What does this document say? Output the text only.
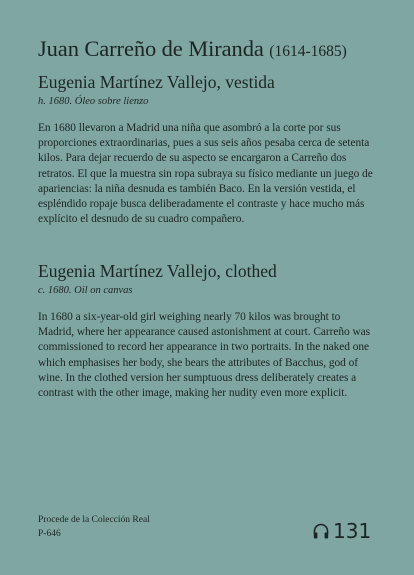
Juan Carreño de Miranda (1614-1685)
Eugenia Martínez Vallejo, vestida
h. 1680. Óleo sobre lienzo
En 1680 llevaron a Madrid una niña que asombró a la corte por sus proporciones extraordinarias, pues a sus seis años pesaba cerca de setenta kilos. Para dejar recuerdo de su aspecto se encargaron a Carreño dos retratos. El que la muestra sin ropa subraya su físico mediante un juego de apariencias: la niña desnuda es también Baco. En la versión vestida, el espléndido ropaje busca deliberadamente el contraste y hace mucho más explícito el desnudo de su cuadro compañero.
Eugenia Martínez Vallejo, clothed
c. 1680. Oil on canvas
In 1680 a six-year-old girl weighing nearly 70 kilos was brought to Madrid, where her appearance caused astonishment at court. Carreño was commissioned to record her appearance in two portraits. In the naked one which emphasises her body, she bears the attributes of Bacchus, god of wine. In the clothed version her sumptuous dress deliberately creates a contrast with the other image, making her nudity even more explicit.
Procede de la Colección Real
P-646	131
